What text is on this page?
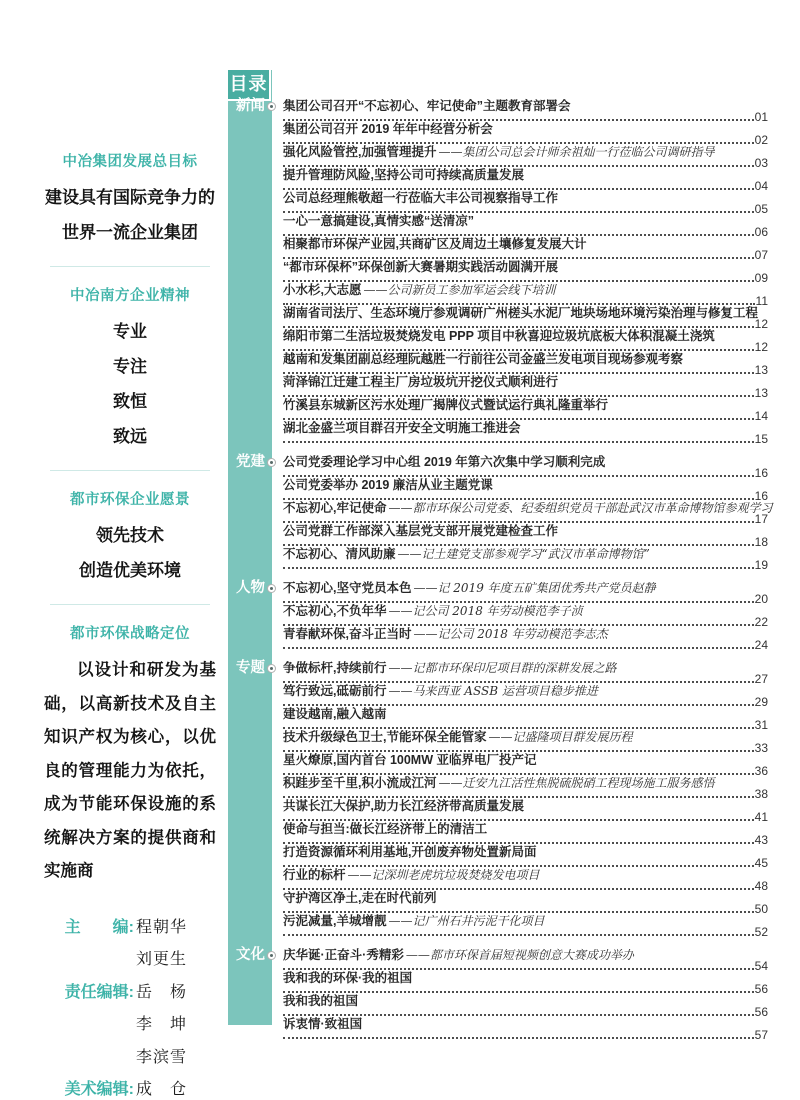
中冶集团发展总目标
建设具有国际竞争力的
世界一流企业集团
中冶南方企业精神
专业
专注
致恒
致远
都市环保企业愿景
领先技术
创造优美环境
都市环保战略定位
以设计和研发为基础，以高新技术及自主知识产权为核心，以优良的管理能力为依托，成为节能环保设施的系统解决方案的提供商和实施商
主　　编: 程朝华
刘更生
责任编辑: 岳　杨
李　坤
李滨雪
美术编辑: 成　仓
目录
集团公司召开“不忘初心、牢记使命”主题教育部署会
01
集团公司召开 2019 年年中经营分析会
02
强化风险管控,加强管理提升 ——集团公司总会计师余祖灿一行莅临公司调研指导
03
提升管理防风险,坚持公司可持续高质量发展
04
公司总经理熊敬超一行莅临大丰公司视察指导工作
05
一心一意搞建设,真情实感“送清凉”
06
相聚都市环保产业园,共商矿区及周边土壤修复发展大计
07
“都市环保杯”环保创新大赛暑期实践活动圆满开展
09
小水杉,大志愿 ——公司新员工参加军运会线下培训
11
湖南省司法厅、生态环境厅参观调研广州槎头水泥厂地块场地环境污染治理与修复工程
12
绵阳市第二生活垃圾焚烧发电 PPP 项目中秋喜迎垃圾坑底板大体积混凝土浇筑
12
越南和发集团副总经理阮越胜一行前往公司金盛兰发电项目现场参观考察
13
菏泽锦江迁建工程主厂房垃圾坑开挖仪式顺利进行
13
竹溪县东城新区污水处理厂揭牌仪式暨试运行典礼隆重举行
14
湖北金盛兰项目群召开安全文明施工推进会
15
公司党委理论学习中心组 2019 年第六次集中学习顺利完成
16
公司党委举办 2019 廉洁从业主题党课
16
不忘初心,牢记使命 ——都市环保公司党委、纪委组织党员干部赴武汉市革命博物馆参观学习
17
公司党群工作部深入基层党支部开展党建检查工作
18
不忘初心、清风助廉 ——记土建党支部参观学习“武汉市革命博物馆”
19
不忘初心,坚守党员本色 ——记 2019 年度五矿集团优秀共产党员赵静
20
不忘初心,不负年华 ——记公司 2018 年劳动模范李子浈
22
青春献环保,奋斗正当时 ——记公司 2018 年劳动模范李志杰
24
争做标杆,持续前行 ——记都市环保印尼项目群的深耕发展之路
27
笃行致远,砥砺前行 ——马来西亚 ASSB 运营项目稳步推进
29
建设越南,融入越南
31
技术升级绿色卫士,节能环保全能管家 ——记盛隆项目群发展历程
33
星火燎原,国内首台 100MW 亚临界电厂投产记
36
积跬步至千里,积小流成江河 ——迁安九江活性焦脱硫脱硝工程现场施工服务感悟
38
共谋长江大保护,助力长江经济带高质量发展
41
使命与担当:做长江经济带上的清洁工
43
打造资源循环利用基地,开创废弃物处置新局面
45
行业的标杆 ——记深圳老虎坑垃圾焚烧发电项目
48
守护湾区净土,走在时代前列
50
污泥减量,羊城增靓 ——记广州石井污泥干化项目
52
庆华诞·正奋斗·秀精彩 ——都市环保首届短视频创意大赛成功举办
54
我和我的环保·我的祖国
56
我和我的祖国
56
诉衷情·致祖国
57
新闻
党建
人物
专题
文化
